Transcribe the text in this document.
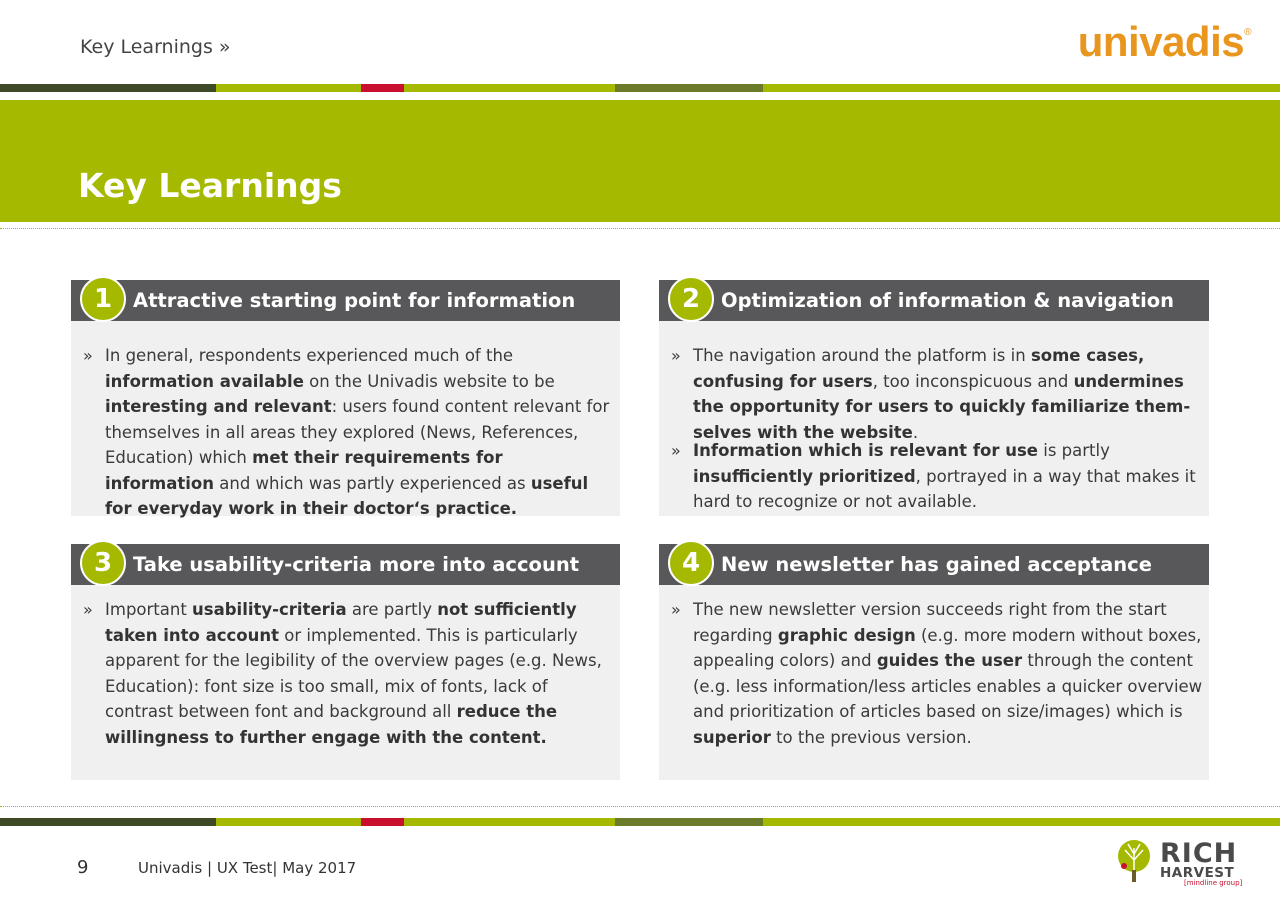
Key Learnings »	univadis®
Key Learnings
1	Attractive starting point for information
» In general, respondents experienced much of the information available on the Univadis website to be interesting and relevant: users found content relevant for themselves in all areas they explored (News, References, Education) which met their requirements for information and which was partly experienced as useful for everyday work in their doctor‘s practice.
2	Optimization of information & navigation
» The navigation around the platform is in some cases, confusing for users, too inconspicuous and undermines the opportunity for users to quickly familiarize them-selves with the website.
» Information which is relevant for use is partly insufficiently prioritized, portrayed in a way that makes it hard to recognize or not available.
3	Take usability-criteria more into account
» Important usability-criteria are partly not sufficiently taken into account or implemented. This is particularly apparent for the legibility of the overview pages (e.g. News, Education): font size is too small, mix of fonts, lack of contrast between font and background all reduce the willingness to further engage with the content.
4	New newsletter has gained acceptance
» The new newsletter version succeeds right from the start regarding graphic design (e.g. more modern without boxes, appealing colors) and guides the user through the content (e.g. less information/less articles enables a quicker overview and prioritization of articles based on size/images) which is superior to the previous version.
9	Univadis | UX Test| May 2017	RICH
HARVEST
[mindline group]
